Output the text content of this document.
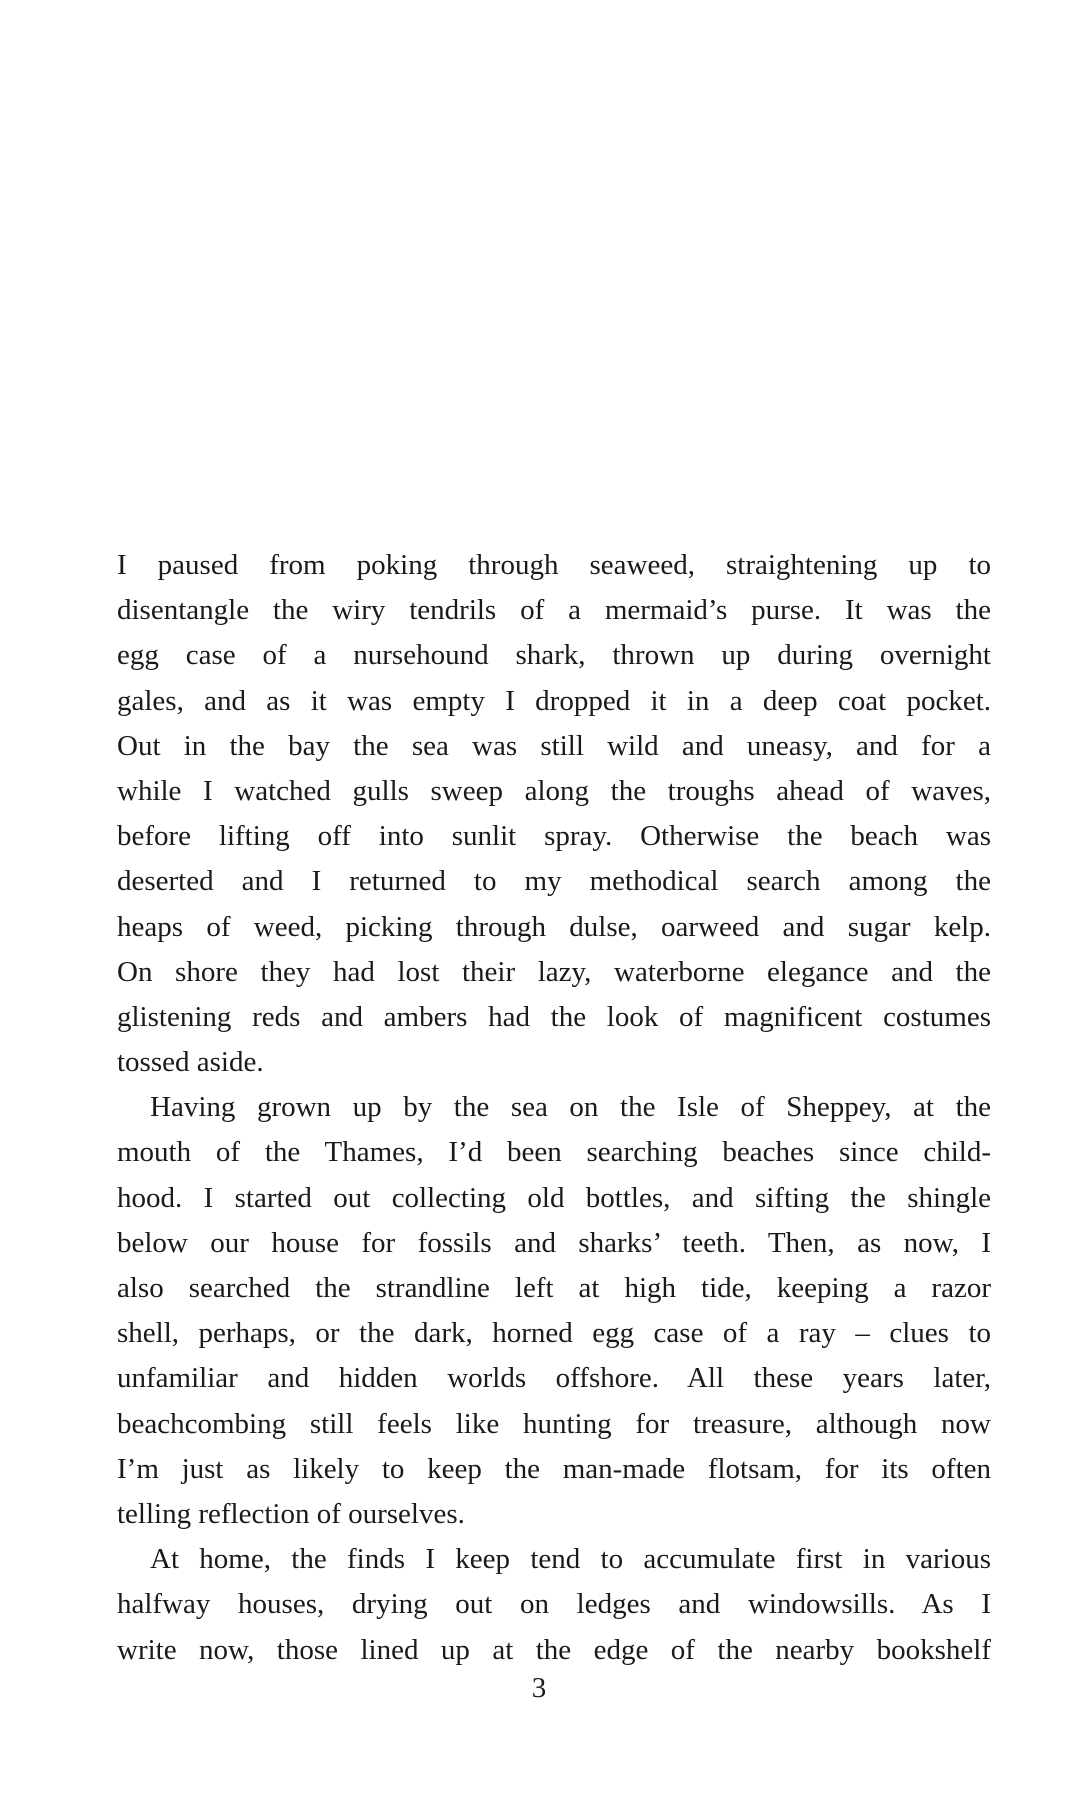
I paused from poking through seaweed, straightening up to
disentangle the wiry tendrils of a mermaid’s purse. It was the
egg case of a nursehound shark, thrown up during overnight
gales, and as it was empty I dropped it in a deep coat pocket.
Out in the bay the sea was still wild and uneasy, and for a
while I watched gulls sweep along the troughs ahead of waves,
before lifting off into sunlit spray. Otherwise the beach was
deserted and I returned to my methodical search among the
heaps of weed, picking through dulse, oarweed and sugar kelp.
On shore they had lost their lazy, waterborne elegance and the
glistening reds and ambers had the look of magnificent costumes
tossed aside.
Having grown up by the sea on the Isle of Sheppey, at the
mouth of the Thames, I’d been searching beaches since child-
hood. I started out collecting old bottles, and sifting the shingle
below our house for fossils and sharks’ teeth. Then, as now, I
also searched the strandline left at high tide, keeping a razor
shell, perhaps, or the dark, horned egg case of a ray – clues to
unfamiliar and hidden worlds offshore. All these years later,
beachcombing still feels like hunting for treasure, although now
I’m just as likely to keep the man-made flotsam, for its often
telling reflection of ourselves.
At home, the finds I keep tend to accumulate first in various
halfway houses, drying out on ledges and windowsills. As I
write now, those lined up at the edge of the nearby bookshelf
3
